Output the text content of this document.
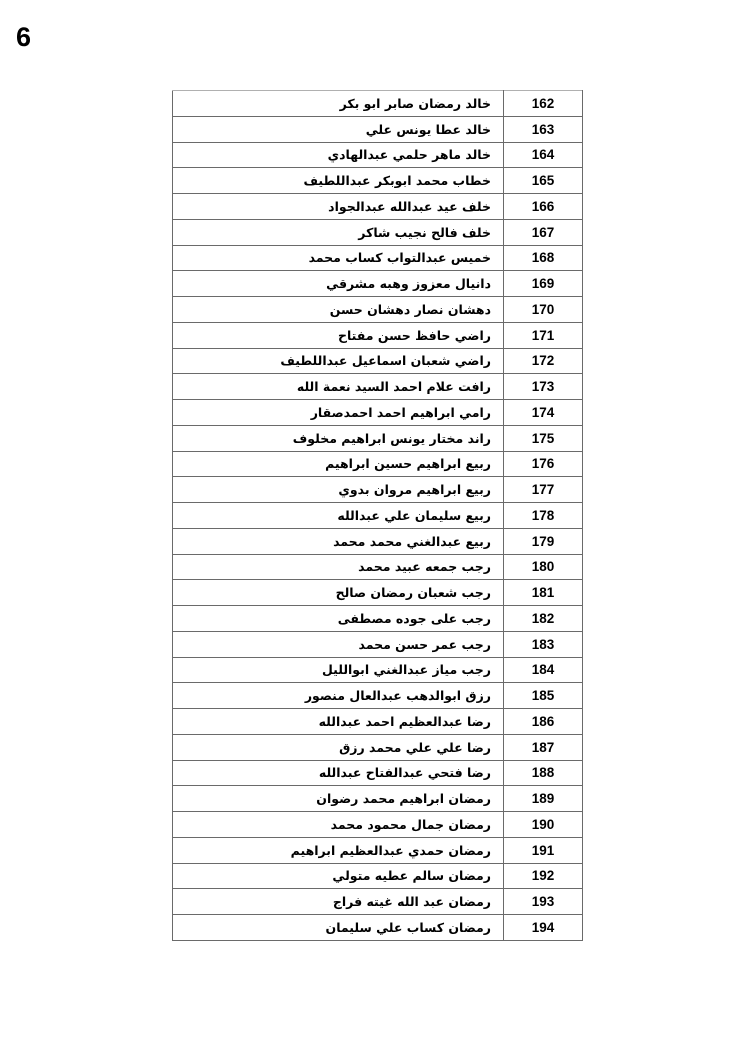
6
خالد رمضان صابر ابو بكر	162
خالد عطا يونس علي	163
خالد ماهر حلمي عبدالهادي	164
خطاب محمد ابوبكر عبداللطيف	165
خلف عيد عبدالله عبدالجواد	166
خلف فالح نجيب شاكر	167
خميس عبدالتواب كساب محمد	168
دانيال معزوز وهبه مشرقي	169
دهشان نصار دهشان حسن	170
راضي حافظ حسن مفتاح	171
راضي شعبان اسماعيل عبداللطيف	172
رافت علام احمد السيد نعمة الله	173
رامي ابراهيم احمد احمدصقار	174
راند مختار يونس ابراهيم مخلوف	175
ربيع ابراهيم حسين ابراهيم	176
ربيع ابراهيم مروان بدوي	177
ربيع سليمان علي عبدالله	178
ربيع عبدالغني محمد محمد	179
رجب جمعه عبيد محمد	180
رجب شعبان رمضان صالح	181
رجب على جوده مصطفى	182
رجب عمر حسن محمد	183
رجب مياز عبدالغني ابوالليل	184
رزق ابوالدهب عبدالعال منصور	185
رضا عبدالعظيم احمد عبدالله	186
رضا علي علي محمد رزق	187
رضا فتحي عبدالفتاح عبدالله	188
رمضان ابراهيم محمد رضوان	189
رمضان جمال محمود محمد	190
رمضان حمدي عبدالعظيم ابراهيم	191
رمضان سالم عطيه متولي	192
رمضان عبد الله غيته فراج	193
رمضان كساب علي سليمان	194
